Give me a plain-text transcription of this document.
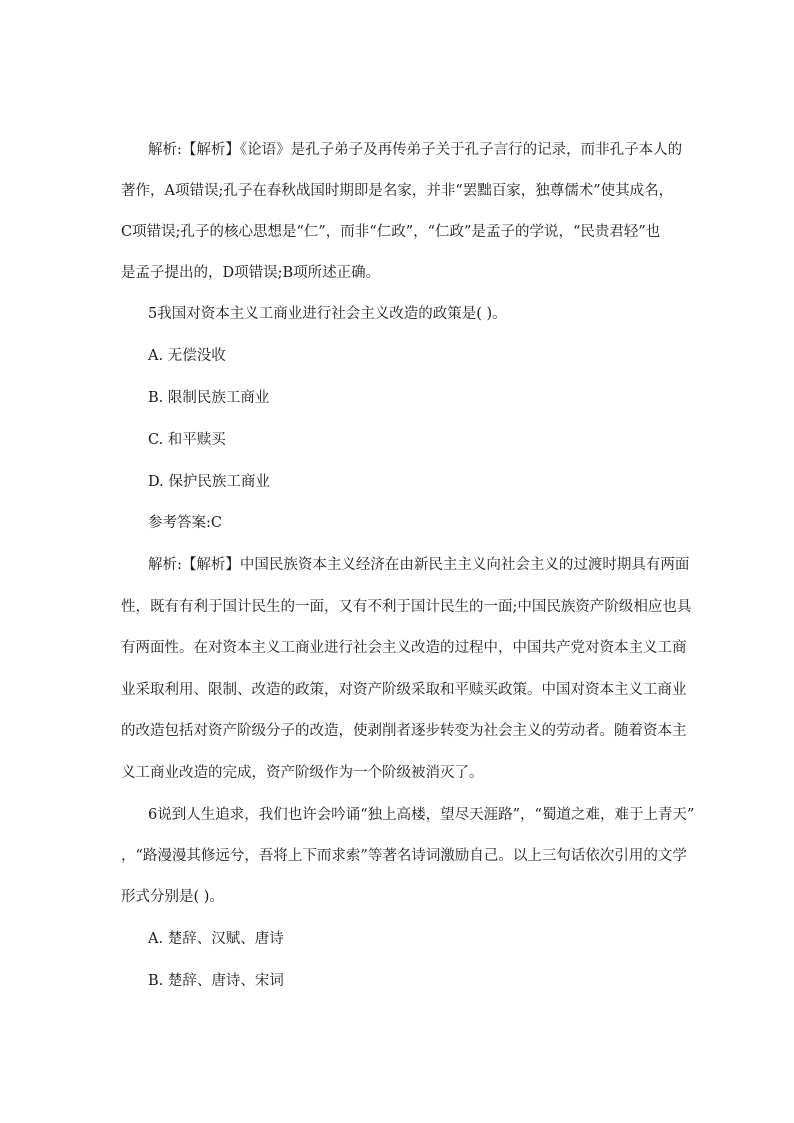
解析:【解析】《论语》是孔子弟子及再传弟子关于孔子言行的记录，而非孔子本人的
著作，A项错误;孔子在春秋战国时期即是名家，并非“罢黜百家，独尊儒术”使其成名，
C项错误;孔子的核心思想是“仁”，而非“仁政”，“仁政”是孟子的学说，“民贵君轻”也
是孟子提出的，D项错误;B项所述正确。
5我国对资本主义工商业进行社会主义改造的政策是( )。
A. 无偿没收
B. 限制民族工商业
C. 和平赎买
D. 保护民族工商业
参考答案:C
解析:【解析】中国民族资本主义经济在由新民主主义向社会主义的过渡时期具有两面
性，既有有利于国计民生的一面，又有不利于国计民生的一面;中国民族资产阶级相应也具
有两面性。在对资本主义工商业进行社会主义改造的过程中，中国共产党对资本主义工商
业采取利用、限制、改造的政策，对资产阶级采取和平赎买政策。中国对资本主义工商业
的改造包括对资产阶级分子的改造，使剥削者逐步转变为社会主义的劳动者。随着资本主
义工商业改造的完成，资产阶级作为一个阶级被消灭了。
6说到人生追求，我们也许会吟诵“独上高楼，望尽天涯路”，“蜀道之难，难于上青天”
，“路漫漫其修远兮，吾将上下而求索”等著名诗词激励自己。以上三句话依次引用的文学
形式分别是( )。
A. 楚辞、汉赋、唐诗
B. 楚辞、唐诗、宋词
